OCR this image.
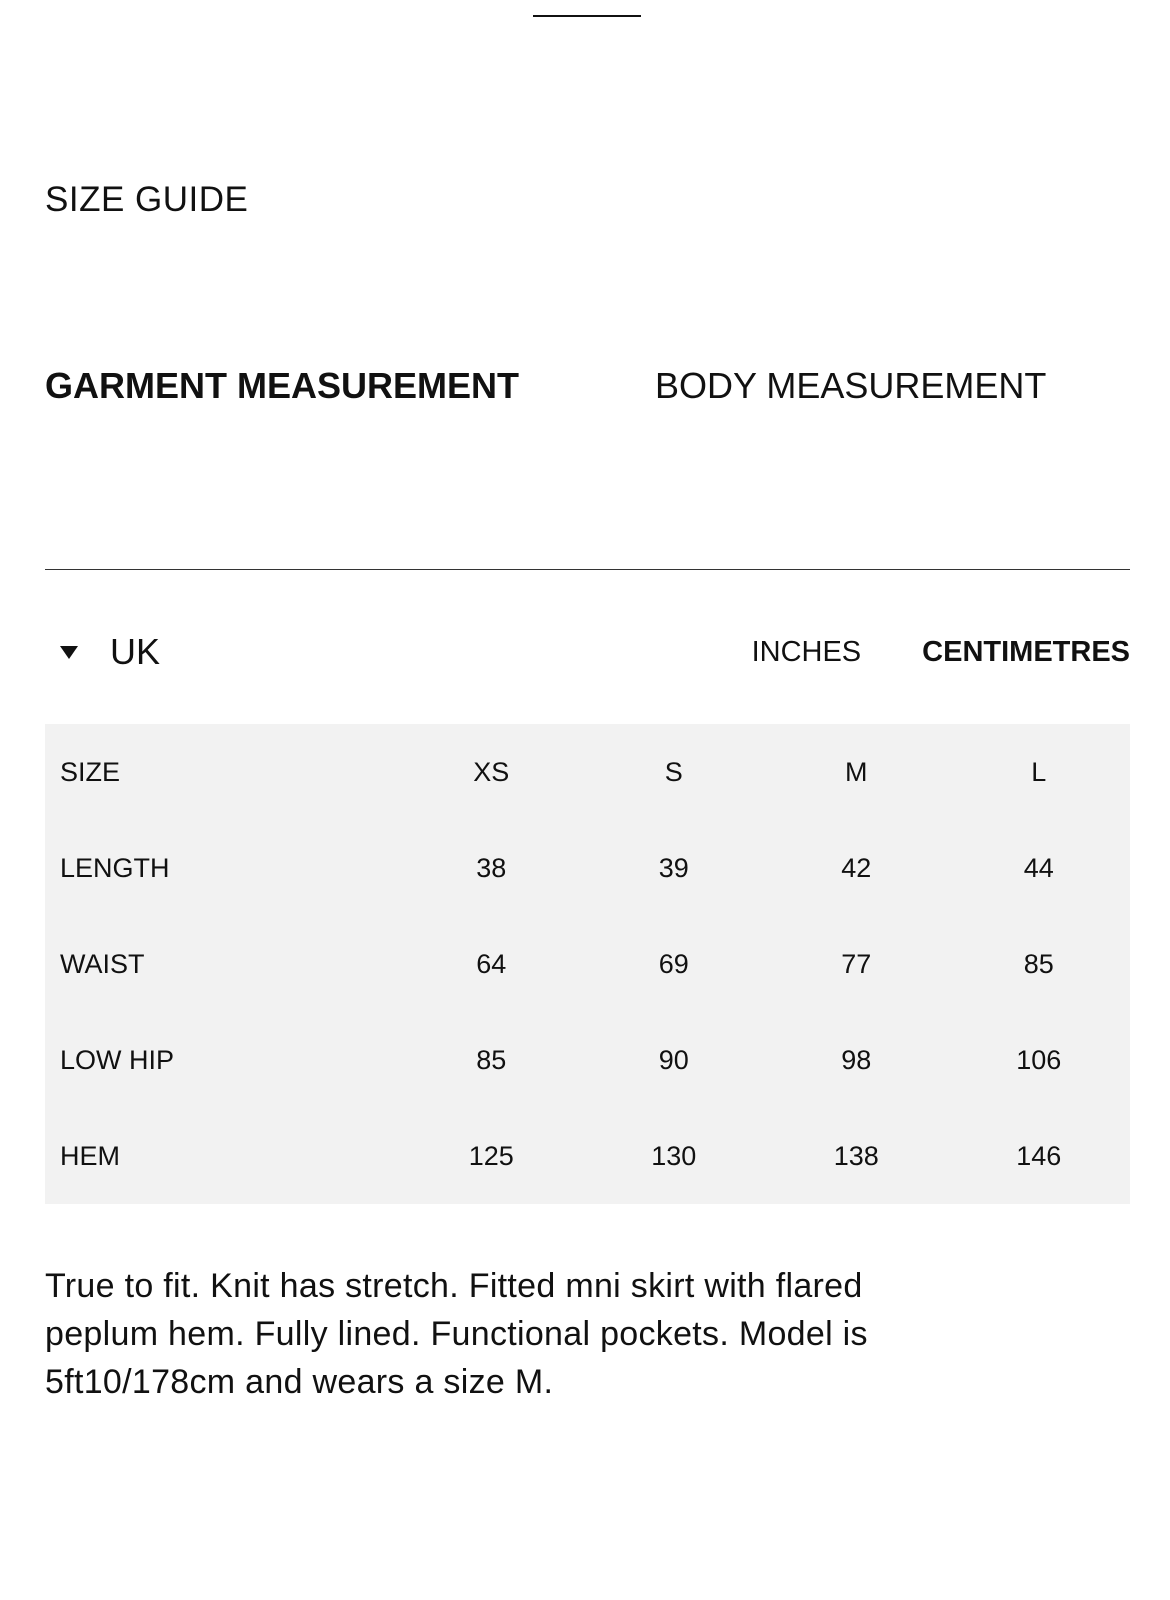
SIZE GUIDE
GARMENT MEASUREMENT	BODY MEASUREMENT
UK	INCHES CENTIMETRES
SIZE	XS	S	M	L
LENGTH	38	39	42	44
WAIST	64	69	77	85
LOW HIP	85	90	98	106
HEM	125	130	138	146

True to fit. Knit has stretch. Fitted mni skirt with flared peplum hem. Fully lined. Functional pockets. Model is 5ft10/178cm and wears a size M.
